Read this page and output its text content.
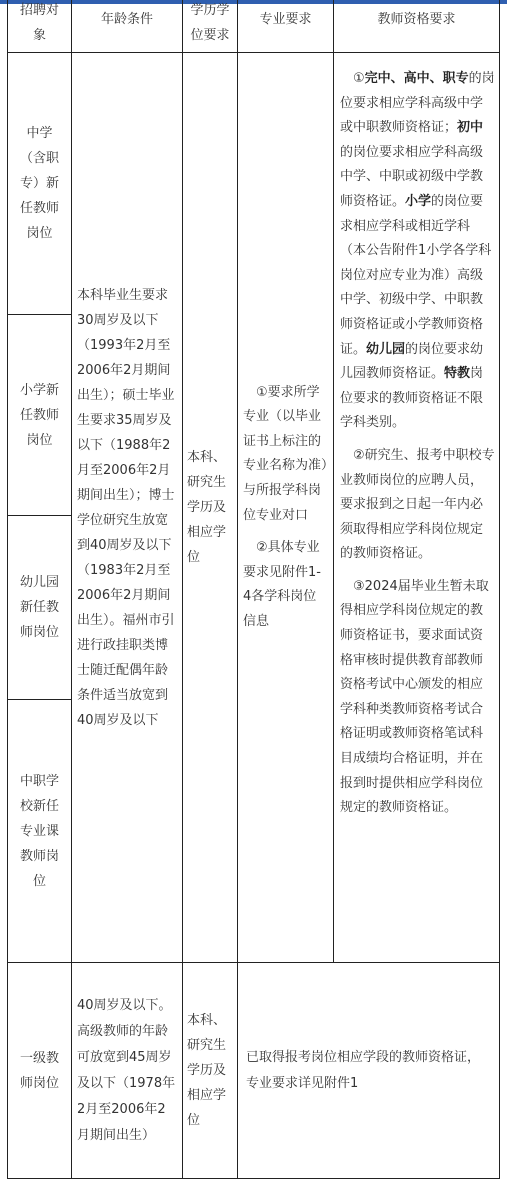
招聘对象
年龄条件
学历学位要求
专业要求	教师资格要求
中学（含职专）新任教师岗位
小学新任教师岗位
幼儿园新任教师岗位
中职学校新任专业课教师岗位
本科毕业生要求30周岁及以下（1993年2月至2006年2月期间出生）；硕士毕业生要求35周岁及以下（1988年2月至2006年2月期间出生）；博士学位研究生放宽到40周岁及以下（1983年2月至2006年2月期间出生）。福州市引进行政挂职类博士随迁配偶年龄条件适当放宽到40周岁及以下
本科、研究生学历及相应学位

①要求所学专业（以毕业证书上标注的专业名称为准）与所报学科岗位专业对口

②具体专业要求见附件1-4各学科岗位信息

①完中、高中、职专的岗位要求相应学科高级中学或中职教师资格证；初中的岗位要求相应学科高级中学、中职或初级中学教师资格证。小学的岗位要求相应学科或相近学科（本公告附件1小学各学科岗位对应专业为准）高级中学、初级中学、中职教师资格证或小学教师资格证。幼儿园的岗位要求幼儿园教师资格证。特教岗位要求的教师资格证不限学科类别。

②研究生、报考中职校专业教师岗位的应聘人员，要求报到之日起一年内必须取得相应学科岗位规定的教师资格证。

③2024届毕业生暂未取得相应学科岗位规定的教师资格证书，要求面试资格审核时提供教育部教师资格考试中心颁发的相应学科种类教师资格考试合格证明或教师资格笔试科目成绩均合格证明，并在报到时提供相应学科岗位规定的教师资格证。

一级教师岗位
40周岁及以下。高级教师的年龄可放宽到45周岁及以下（1978年2月至2006年2月期间出生）
本科、研究生学历及相应学位
已取得报考岗位相应学段的教师资格证，专业要求详见附件1
